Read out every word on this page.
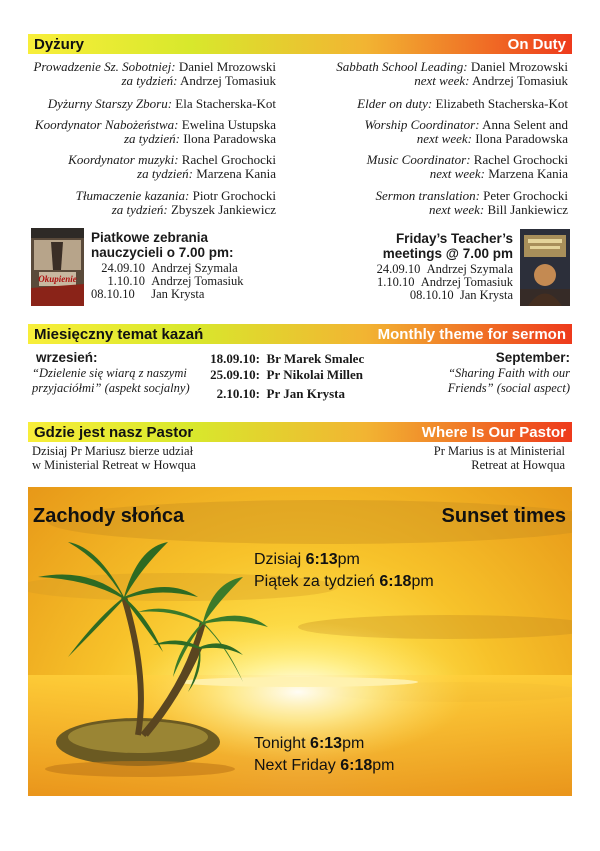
Dyżury	On Duty
Prowadzenie Sz. Sobotniej: Daniel Mrozowski
za tydzień: Andrzej Tomasiuk
Dyżurny Starszy Zboru: Ela Stacherska-Kot
Koordynator Nabożeństwa: Ewelina Ustupska
za tydzień: Ilona Paradowska
Koordynator muzyki: Rachel Grochocki
za tydzień: Marzena Kania
Tłumaczenie kazania: Piotr Grochocki
za tydzień: Zbyszek Jankiewicz
Sabbath School Leading: Daniel Mrozowski
next week: Andrzej Tomasiuk
Elder on duty: Elizabeth Stacherska-Kot
Worship Coordinator: Anna Selent and
next week: Ilona Paradowska
Music Coordinator: Rachel Grochocki
next week: Marzena Kania
Sermon translation: Peter Grochocki
next week: Bill Jankiewicz
Okupienie
Piatkowe zebrania
nauczycieli o 7.00 pm:
24.09.10 Andrzej Szymala
1.10.10 Andrzej Tomasiuk
08.10.10 Jan Krysta
Friday’s Teacher’s
meetings @ 7.00 pm
24.09.10 Andrzej Szymala
1.10.10 Andrzej Tomasiuk
08.10.10 Jan Krysta
Miesięczny temat kazań	Monthly theme for sermon
wrzesień:
“Dzielenie się wiarą z naszymi
przyjaciółmi” (aspekt socjalny)
18.09.10: Br Marek Smalec
25.09.10: Pr Nikolai Millen
2.10.10: Pr Jan Krysta
September:
“Sharing Faith with our
Friends” (social aspect)
Gdzie jest nasz Pastor	Where Is Our Pastor
Dzisiaj Pr Mariusz bierze udział
w Ministerial Retreat w Howqua
Pr Marius is at Ministerial
Retreat at Howqua
Zachody słońca	Sunset times
Dzisiaj 6:13pm
Piątek za tydzień 6:18pm
Tonight 6:13pm
Next Friday 6:18pm
